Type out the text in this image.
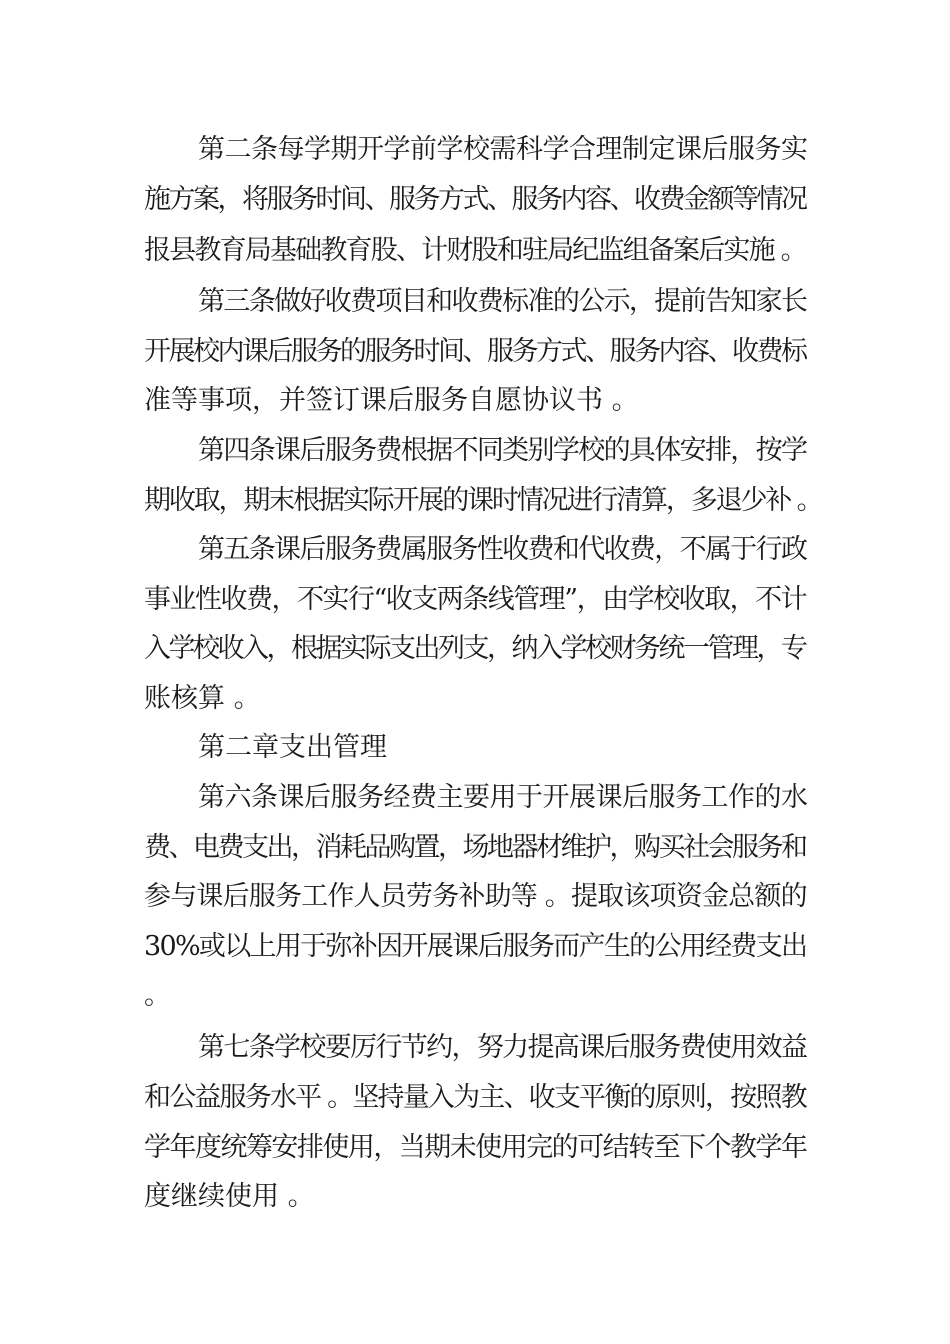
第二条每学期开学前学校需科学合理制定课后服务实
施方案，将服务时间、服务方式、服务内容、收费金额等情况
报县教育局基础教育股、计财股和驻局纪监组备案后实施 。
第三条做好收费项目和收费标准的公示，提前告知家长
开展校内课后服务的服务时间、服务方式、服务内容、收费标
准等事项，并签订课后服务自愿协议书 。
第四条课后服务费根据不同类别学校的具体安排，按学
期收取，期末根据实际开展的课时情况进行清算，多退少补 。
第五条课后服务费属服务性收费和代收费，不属于行政
事业性收费，不实行“收支两条线管理”，由学校收取，不计
入学校收入，根据实际支出列支，纳入学校财务统一管理，专
账核算 。
第二章支出管理
第六条课后服务经费主要用于开展课后服务工作的水
费、电费支出，消耗品购置，场地器材维护，购买社会服务和
参与课后服务工作人员劳务补助等 。提取该项资金总额的
30%或以上用于弥补因开展课后服务而产生的公用经费支出
。
第七条学校要厉行节约，努力提高课后服务费使用效益
和公益服务水平 。坚持量入为主、收支平衡的原则，按照教
学年度统筹安排使用，当期未使用完的可结转至下个教学年
度继续使用 。
